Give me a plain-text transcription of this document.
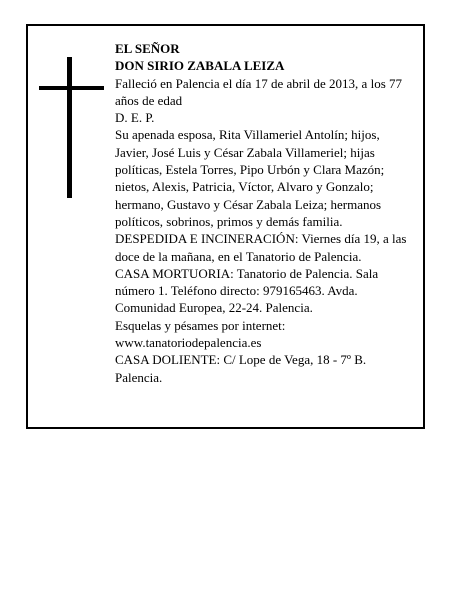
EL SEÑOR

DON SIRIO ZABALA LEIZA

Falleció en Palencia el día 17 de abril de 2013, a los 77 años de edad

D. E. P.

Su apenada esposa, Rita Villameriel Antolín; hijos, Javier, José Luis y César Zabala Villameriel; hijas políticas, Estela Torres, Pipo Urbón y Clara Mazón; nietos, Alexis, Patricia, Víctor, Alvaro y Gonzalo; hermano, Gustavo y César Zabala Leiza; hermanos políticos, sobrinos, primos y demás familia.

DESPEDIDA E INCINERACIÓN: Viernes día 19, a las doce de la mañana, en el Tanatorio de Palencia.

CASA MORTUORIA: Tanatorio de Palencia. Sala número 1. Teléfono directo: 979165463. Avda. Comunidad Europea, 22-24. Palencia.

Esquelas y pésames por internet: www.tanatoriodepalencia.es

CASA DOLIENTE: C/ Lope de Vega, 18 - 7º B. Palencia.
